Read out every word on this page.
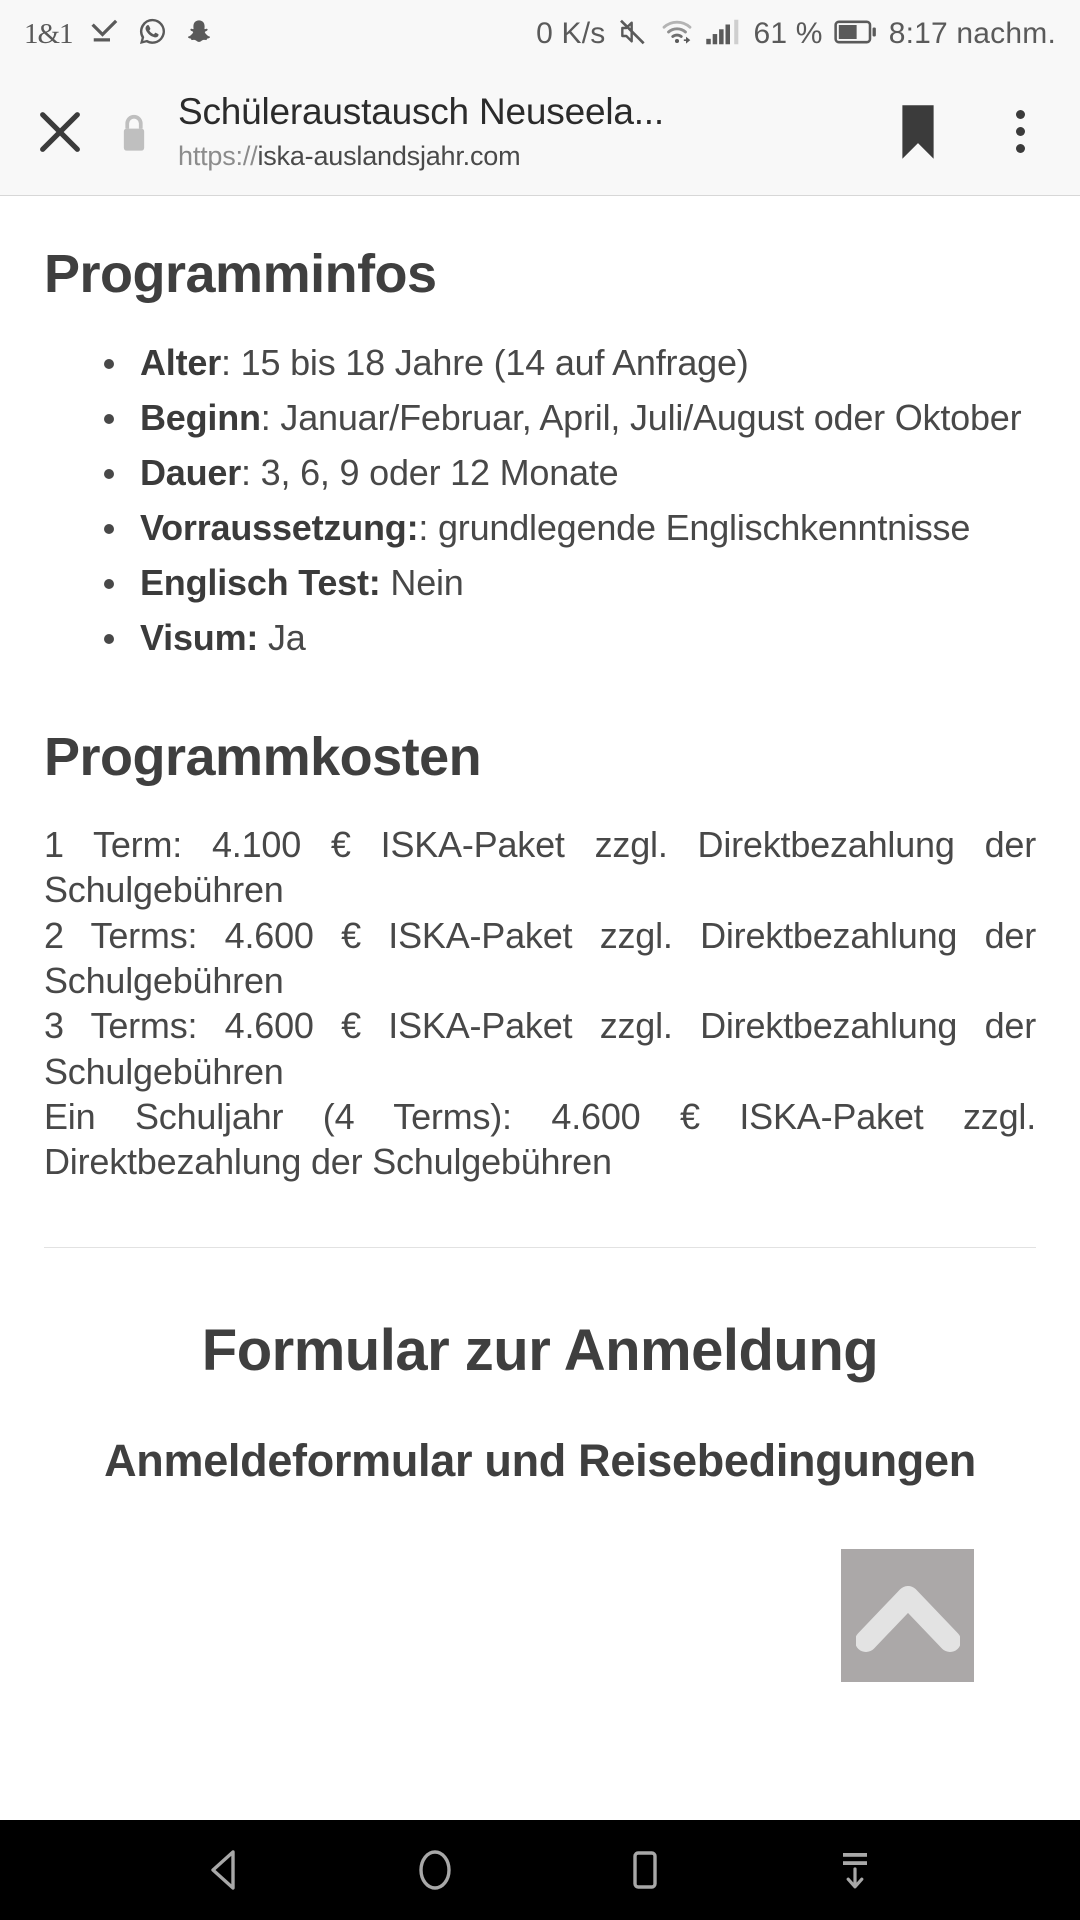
1&1	0 K/s	61 % 8:17 nachm.
Schüleraustausch Neuseela...
https://iska-auslandsjahr.com
Programminfos
Alter: 15 bis 18 Jahre (14 auf Anfrage)
Beginn: Januar/Februar, April, Juli/August oder Oktober
Dauer: 3, 6, 9 oder 12 Monate
Vorraussetzung:: grundlegende Englischkenntnisse
Englisch Test: Nein
Visum: Ja
Programmkosten

1 Term: 4.100 € ISKA-Paket zzgl. Direktbezahlung der Schulgebühren

2 Terms: 4.600 € ISKA-Paket zzgl. Direktbezahlung der Schulgebühren

3 Terms: 4.600 € ISKA-Paket zzgl. Direktbezahlung der Schulgebühren

Ein Schuljahr (4 Terms): 4.600 € ISKA-Paket zzgl. Direktbezahlung der Schulgebühren

Formular zur Anmeldung
Anmeldeformular und Reisebedingungen
